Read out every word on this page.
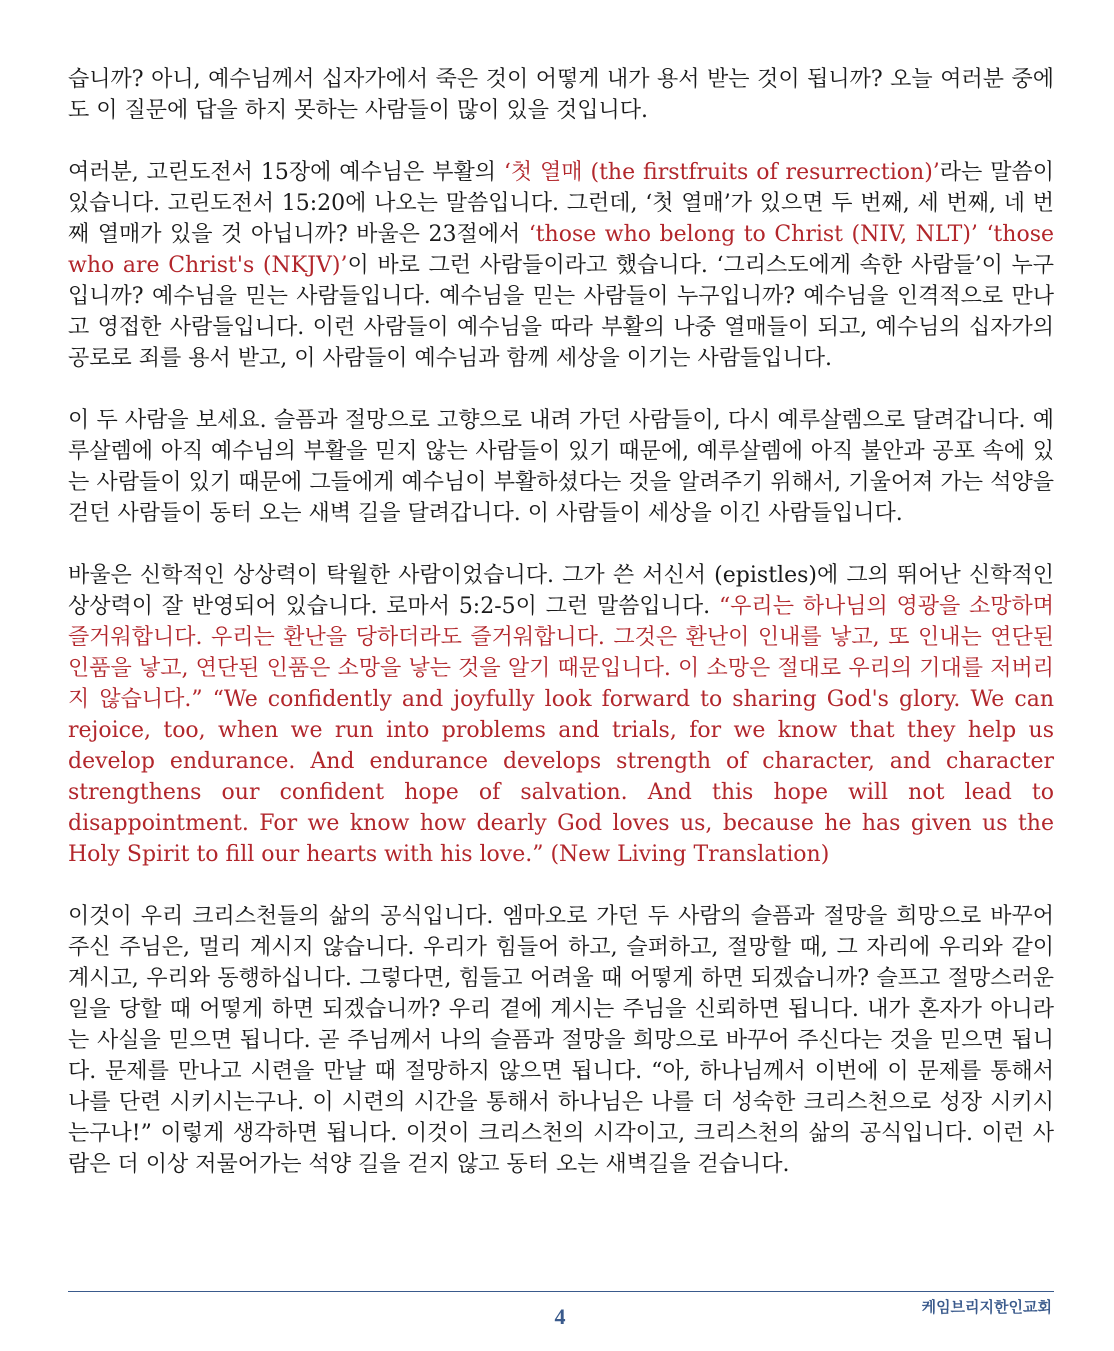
습니까? 아니, 예수님께서 십자가에서 죽은 것이 어떻게 내가 용서 받는 것이 됩니까? 오늘 여러분 중에도 이 질문에 답을 하지 못하는 사람들이 많이 있을 것입니다.

여러분, 고린도전서 15장에 예수님은 부활의 ‘첫 열매 (the firstfruits of resurrection)’라는 말씀이 있습니다. 고린도전서 15:20에 나오는 말씀입니다. 그런데, ‘첫 열매’가 있으면 두 번째, 세 번째, 네 번째 열매가 있을 것 아닙니까? 바울은 23절에서 ‘those who belong to Christ (NIV, NLT)’ ‘those who are Christ's (NKJV)’이 바로 그런 사람들이라고 했습니다. ‘그리스도에게 속한 사람들’이 누구입니까? 예수님을 믿는 사람들입니다. 예수님을 믿는 사람들이 누구입니까? 예수님을 인격적으로 만나고 영접한 사람들입니다. 이런 사람들이 예수님을 따라 부활의 나중 열매들이 되고, 예수님의 십자가의 공로로 죄를 용서 받고, 이 사람들이 예수님과 함께 세상을 이기는 사람들입니다.

이 두 사람을 보세요. 슬픔과 절망으로 고향으로 내려 가던 사람들이, 다시 예루살렘으로 달려갑니다. 예루살렘에 아직 예수님의 부활을 믿지 않는 사람들이 있기 때문에, 예루살렘에 아직 불안과 공포 속에 있는 사람들이 있기 때문에 그들에게 예수님이 부활하셨다는 것을 알려주기 위해서, 기울어져 가는 석양을 걷던 사람들이 동터 오는 새벽 길을 달려갑니다. 이 사람들이 세상을 이긴 사람들입니다.

바울은 신학적인 상상력이 탁월한 사람이었습니다. 그가 쓴 서신서 (epistles)에 그의 뛰어난 신학적인 상상력이 잘 반영되어 있습니다. 로마서 5:2-5이 그런 말씀입니다. “우리는 하나님의 영광을 소망하며 즐거워합니다. 우리는 환난을 당하더라도 즐거워합니다. 그것은 환난이 인내를 낳고, 또 인내는 연단된 인품을 낳고, 연단된 인품은 소망을 낳는 것을 알기 때문입니다. 이 소망은 절대로 우리의 기대를 저버리지 않습니다.” “We confidently and joyfully look forward to sharing God's glory. We can rejoice, too, when we run into problems and trials, for we know that they help us develop endurance. And endurance develops strength of character, and character strengthens our confident hope of salvation. And this hope will not lead to disappointment. For we know how dearly God loves us, because he has given us the Holy Spirit to fill our hearts with his love.” (New Living Translation)

이것이 우리 크리스천들의 삶의 공식입니다. 엠마오로 가던 두 사람의 슬픔과 절망을 희망으로 바꾸어 주신 주님은, 멀리 계시지 않습니다. 우리가 힘들어 하고, 슬퍼하고, 절망할 때, 그 자리에 우리와 같이 계시고, 우리와 동행하십니다. 그렇다면, 힘들고 어려울 때 어떻게 하면 되겠습니까? 슬프고 절망스러운 일을 당할 때 어떻게 하면 되겠습니까? 우리 곁에 계시는 주님을 신뢰하면 됩니다. 내가 혼자가 아니라는 사실을 믿으면 됩니다. 곧 주님께서 나의 슬픔과 절망을 희망으로 바꾸어 주신다는 것을 믿으면 됩니다. 문제를 만나고 시련을 만날 때 절망하지 않으면 됩니다. “아, 하나님께서 이번에 이 문제를 통해서 나를 단련 시키시는구나. 이 시련의 시간을 통해서 하나님은 나를 더 성숙한 크리스천으로 성장 시키시는구나!” 이렇게 생각하면 됩니다. 이것이 크리스천의 시각이고, 크리스천의 삶의 공식입니다. 이런 사람은 더 이상 저물어가는 석양 길을 걷지 않고 동터 오는 새벽길을 걷습니다.

4	케임브리지한인교회
